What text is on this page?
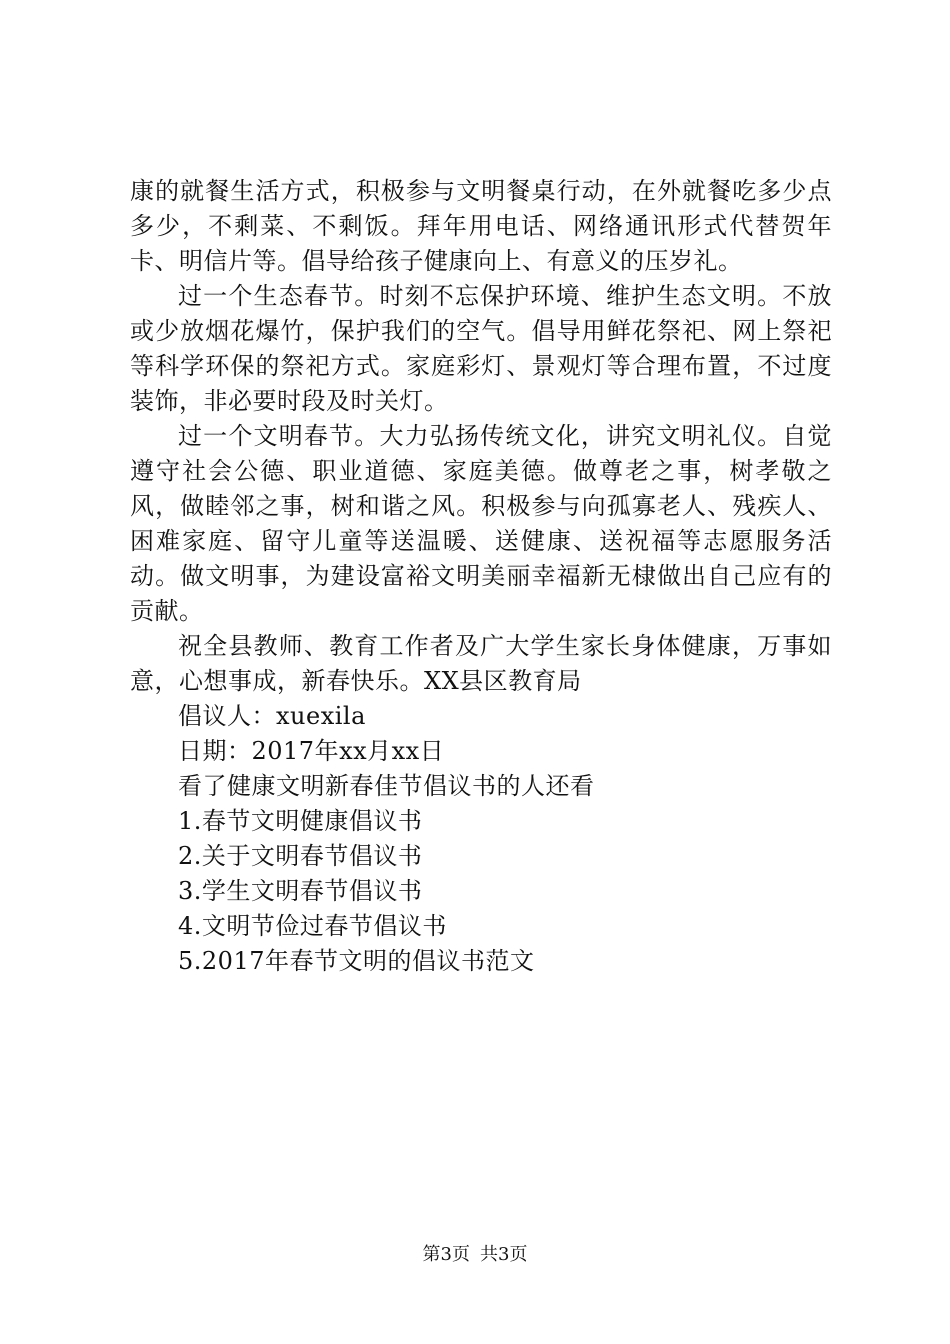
康的就餐生活方式，积极参与文明餐桌行动，在外就餐吃多少点多少，不剩菜、不剩饭。拜年用电话、网络通讯形式代替贺年卡、明信片等。倡导给孩子健康向上、有意义的压岁礼。

过一个生态春节。时刻不忘保护环境、维护生态文明。不放或少放烟花爆竹，保护我们的空气。倡导用鲜花祭祀、网上祭祀等科学环保的祭祀方式。家庭彩灯、景观灯等合理布置，不过度装饰，非必要时段及时关灯。

过一个文明春节。大力弘扬传统文化，讲究文明礼仪。自觉遵守社会公德、职业道德、家庭美德。做尊老之事，树孝敬之风，做睦邻之事，树和谐之风。积极参与向孤寡老人、残疾人、困难家庭、留守儿童等送温暖、送健康、送祝福等志愿服务活动。做文明事，为建设富裕文明美丽幸福新无棣做出自己应有的贡献。

祝全县教师、教育工作者及广大学生家长身体健康，万事如意，心想事成，新春快乐。XX县区教育局

倡议人：xuexila

日期：2017年xx月xx日

看了健康文明新春佳节倡议书的人还看

1.春节文明健康倡议书

2.关于文明春节倡议书

3.学生文明春节倡议书

4.文明节俭过春节倡议书

5.2017年春节文明的倡议书范文

第3页 共3页
